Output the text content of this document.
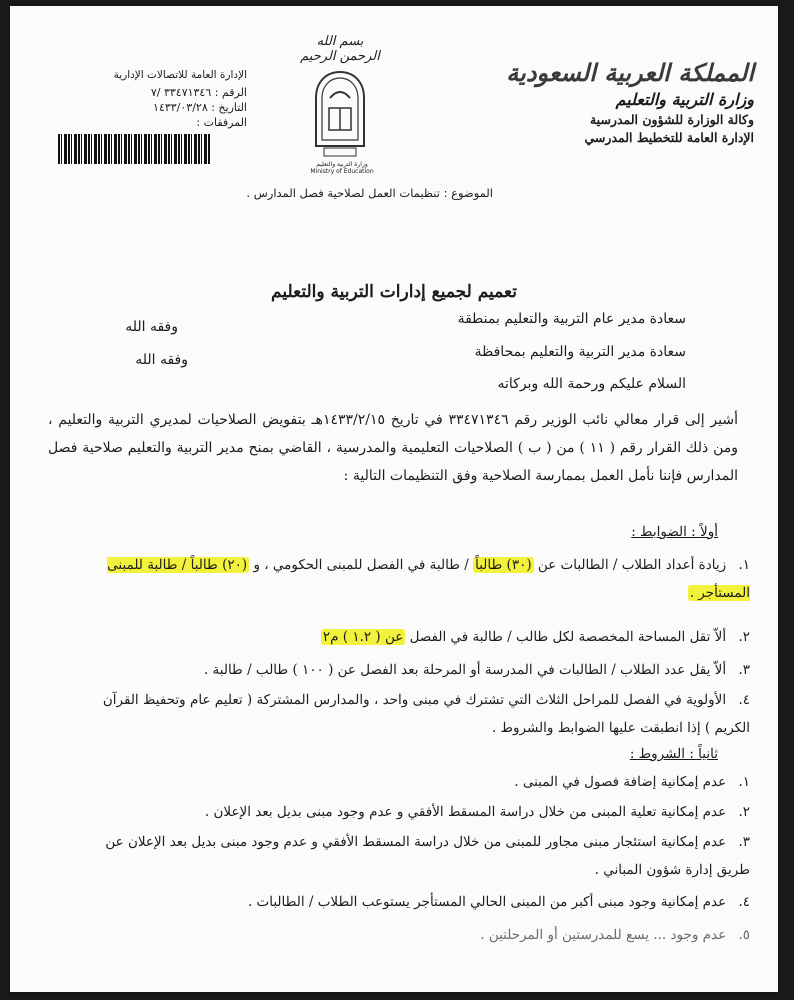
بسم الله الرحمن الرحيم
وزارة التربية والتعليم
Ministry of Education
المملكة العربية السعودية
وزارة التربية والتعليم
وكالة الوزارة للشؤون المدرسية
الإدارة العامة للتخطيط المدرسي
الإدارة العامة للاتصالات الإدارية
الرقم : ٣٣٤٧١٣٤٦ /٧
التاريخ : ١٤٣٣/٠٣/٢٨
المرفقات :
الموضوع : تنظيمات العمل لصلاحية فصل المدارس .
تعميم لجميع إدارات التربية والتعليم
سعادة مدير عام التربية والتعليم بمنطقة
وفقه الله
سعادة مدير التربية والتعليم بمحافظة
وفقه الله
السلام عليكم ورحمة الله وبركاته
أشير إلى قرار معالي نائب الوزير رقم ٣٣٤٧١٣٤٦ في تاريخ ١٤٣٣/٢/١٥هـ بتفويض الصلاحيات لمديري التربية والتعليم ، ومن ذلك القرار رقم ( ١١ ) من ( ب ) الصلاحيات التعليمية والمدرسية ، القاضي بمنح مدير التربية والتعليم صلاحية فصل المدارس فإننا نأمل العمل بممارسة الصلاحية وفق التنظيمات التالية :
أولاً : الضوابط :
١. زيادة أعداد الطلاب / الطالبات عن (٣٠) طالباً / طالبة في الفصل للمبنى الحكومي ، و (٢٠) طالباً / طالبة للمبنى المستأجر .
٢. ألاّ تقل المساحة المخصصة لكل طالب / طالبة في الفصل عن ( ١.٢ ) م٢
٣. ألاّ يقل عدد الطلاب / الطالبات في المدرسة أو المرحلة بعد الفصل عن ( ١٠٠ ) طالب / طالبة .
٤. الأولوية في الفصل للمراحل الثلاث التي تشترك في مبنى واحد ، والمدارس المشتركة ( تعليم عام وتحفيظ القرآن الكريم ) إذا انطبقت عليها الضوابط والشروط .
ثانياً : الشروط :
١. عدم إمكانية إضافة فصول في المبنى .
٢. عدم إمكانية تعلية المبنى من خلال دراسة المسقط الأفقي و عدم وجود مبنى بديل بعد الإعلان .
٣. عدم إمكانية استئجار مبنى مجاور للمبنى من خلال دراسة المسقط الأفقي و عدم وجود مبنى بديل بعد الإعلان عن طريق إدارة شؤون المباني .
٤. عدم إمكانية وجود مبنى أكبر من المبنى الحالي المستأجر يستوعب الطلاب / الطالبات .
٥. عدم وجود ... يسع للمدرستين أو المرحلتين .
